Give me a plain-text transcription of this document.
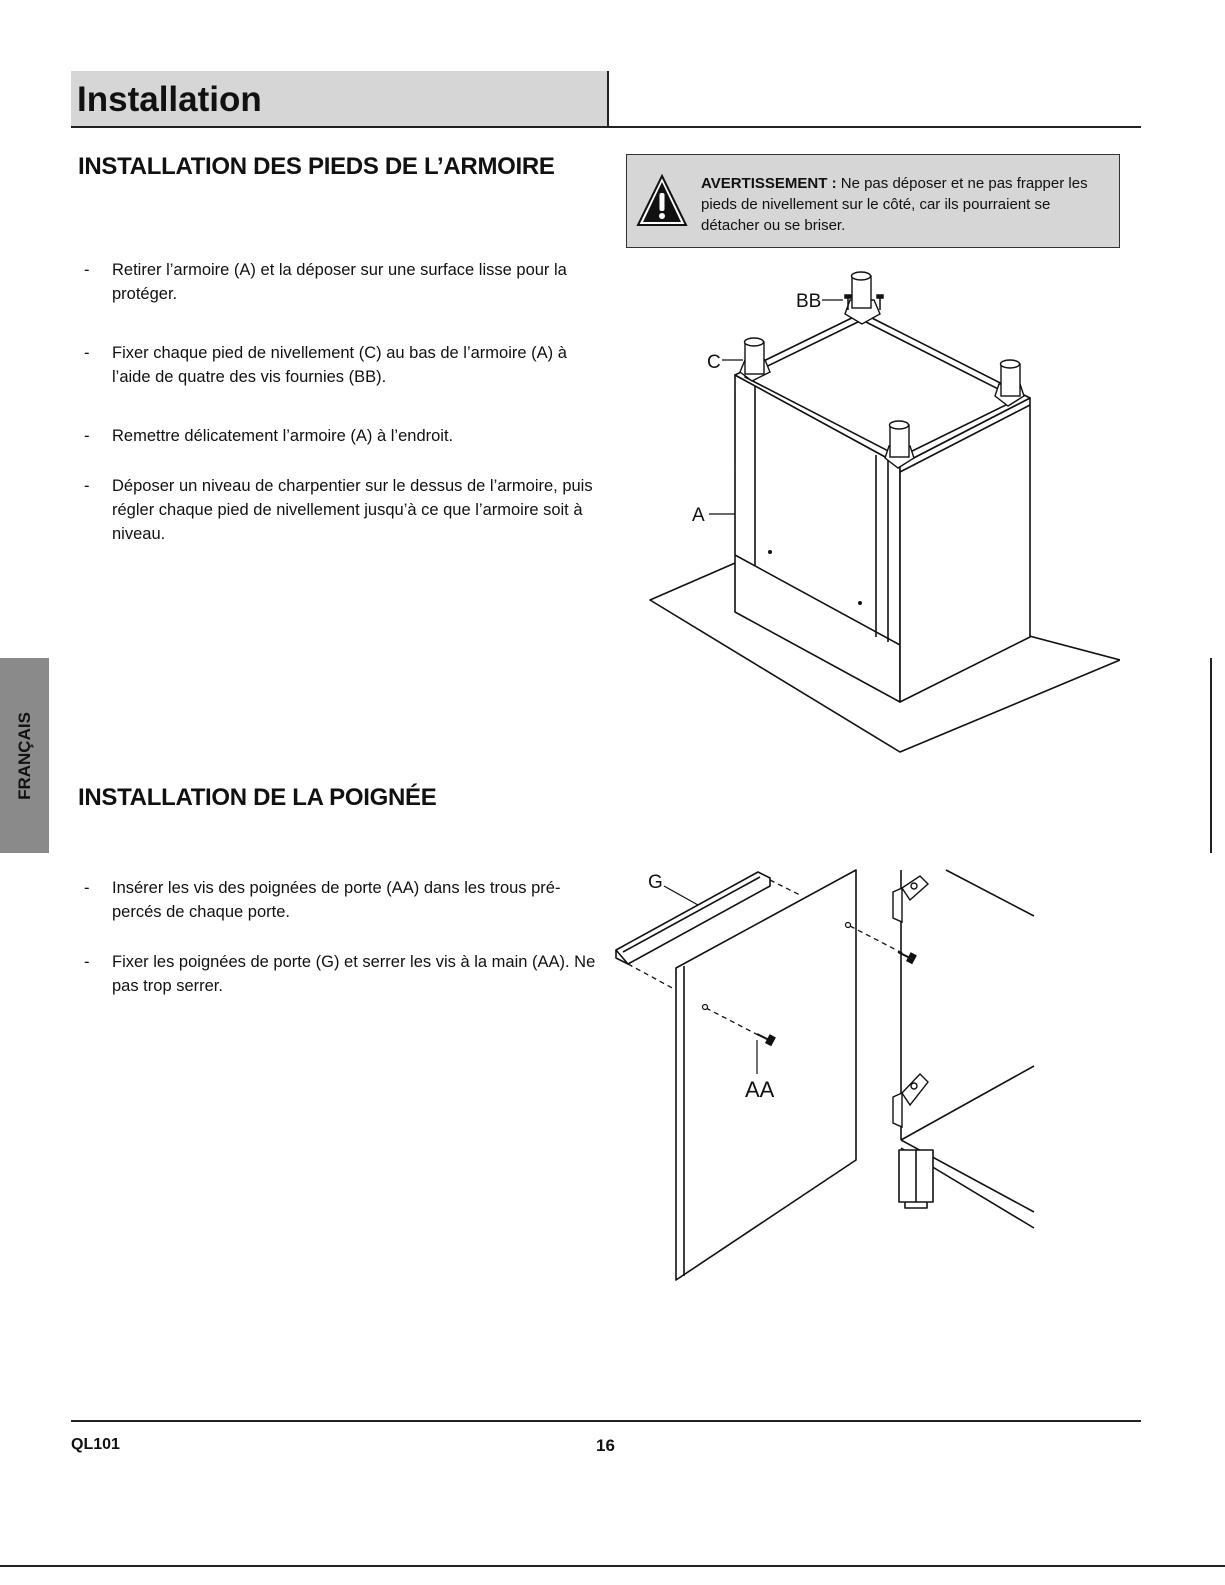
Installation
INSTALLATION DES PIEDS DE L’ARMOIRE
- Retirer l’armoire (A) et la déposer sur une surface lisse pour la protéger.
- Fixer chaque pied de nivellement (C) au bas de l’armoire (A) à l’aide de quatre des vis fournies (BB).
- Remettre délicatement l’armoire (A) à l’endroit.
- Déposer un niveau de charpentier sur le dessus de l’armoire, puis régler chaque pied de nivellement jusqu’à ce que l’armoire soit à niveau.
AVERTISSEMENT : Ne pas déposer et ne pas frapper les pieds de nivellement sur le côté, car ils pourraient se détacher ou se briser.
BB
C
A
INSTALLATION DE LA POIGNÉE
- Insérer les vis des poignées de porte (AA) dans les trous pré-percés de chaque porte.
- Fixer les poignées de porte (G) et serrer les vis à la main (AA). Ne pas trop serrer.
G
AA
FRANÇAIS
QL101	16
